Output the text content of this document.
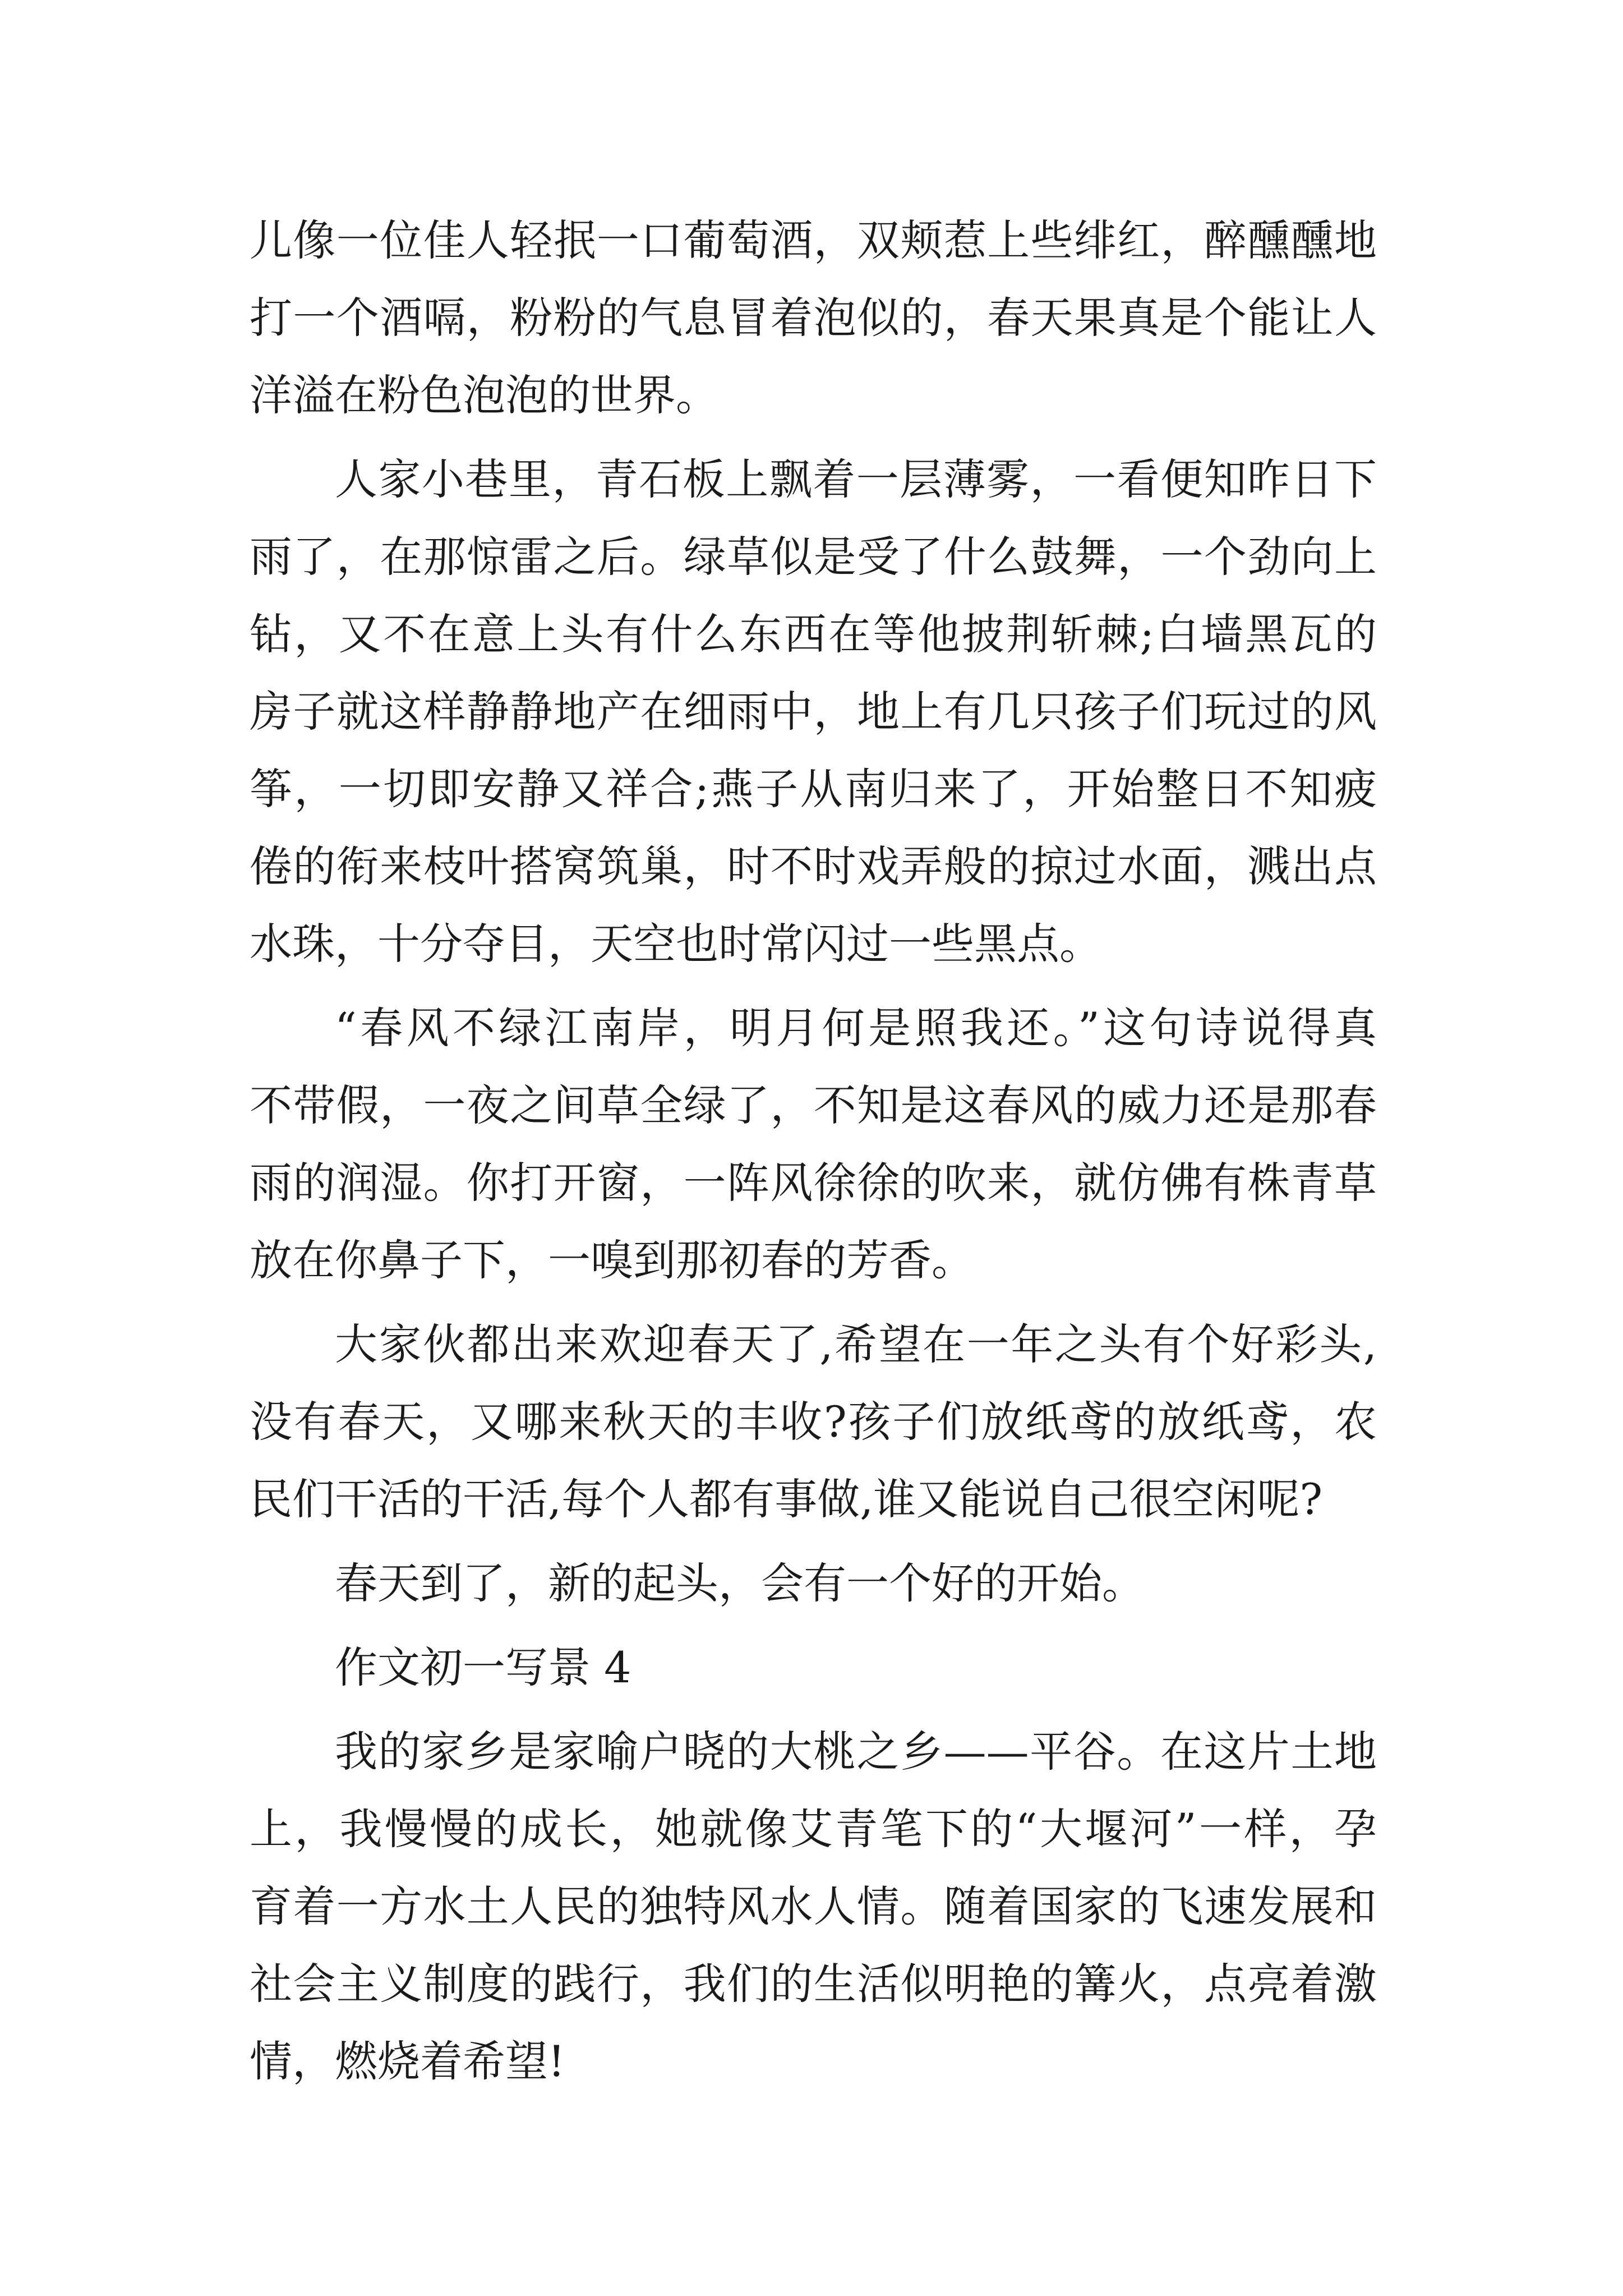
儿像一位佳人轻抿一口葡萄酒，双颊惹上些绯红，醉醺醺地
打一个酒嗝，粉粉的气息冒着泡似的，春天果真是个能让人
洋溢在粉色泡泡的世界。

人家小巷里，青石板上飘着一层薄雾，一看便知昨日下
雨了，在那惊雷之后。绿草似是受了什么鼓舞，一个劲向上
钻，又不在意上头有什么东西在等他披荆斩棘;白墙黑瓦的
房子就这样静静地产在细雨中，地上有几只孩子们玩过的风
筝，一切即安静又祥合;燕子从南归来了，开始整日不知疲
倦的衔来枝叶搭窝筑巢，时不时戏弄般的掠过水面，溅出点
水珠，十分夺目，天空也时常闪过一些黑点。

“春风不绿江南岸，明月何是照我还。”这句诗说得真
不带假，一夜之间草全绿了，不知是这春风的威力还是那春
雨的润湿。你打开窗，一阵风徐徐的吹来，就仿佛有株青草
放在你鼻子下，一嗅到那初春的芳香。

大家伙都出来欢迎春天了,希望在一年之头有个好彩头,
没有春天，又哪来秋天的丰收?孩子们放纸鸢的放纸鸢，农
民们干活的干活,每个人都有事做,谁又能说自己很空闲呢?

春天到了，新的起头，会有一个好的开始。

作文初一写景 4

我的家乡是家喻户晓的大桃之乡——平谷。在这片土地
上，我慢慢的成长，她就像艾青笔下的“大堰河”一样，孕
育着一方水土人民的独特风水人情。随着国家的飞速发展和
社会主义制度的践行，我们的生活似明艳的篝火，点亮着激
情，燃烧着希望!
